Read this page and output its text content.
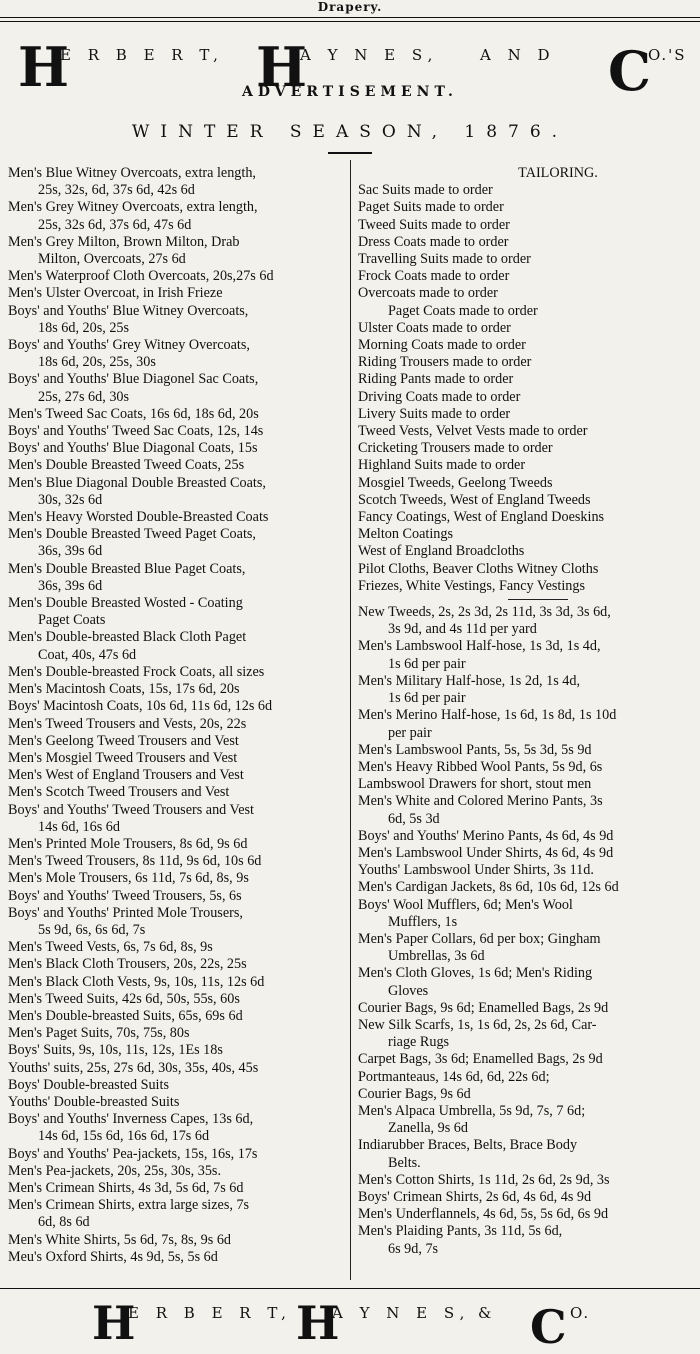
Drapery.
H
E R B E R T, H
A Y N E S,	A N D C
O.'S
ADVERTISEMENT.
WINTER SEASON, 1876.
Men's Blue Witney Overcoats, extra length,
25s, 32s, 6d, 37s 6d, 42s 6d
Men's Grey Witney Overcoats, extra length,
25s, 32s 6d, 37s 6d, 47s 6d
Men's Grey Milton, Brown Milton, Drab
Milton, Overcoats, 27s 6d
Men's Waterproof Cloth Overcoats, 20s,27s 6d
Men's Ulster Overcoat, in Irish Frieze
Boys' and Youths' Blue Witney Overcoats,
18s 6d, 20s, 25s
Boys' and Youths' Grey Witney Overcoats,
18s 6d, 20s, 25s, 30s
Boys' and Youths' Blue Diagonel Sac Coats,
25s, 27s 6d, 30s
Men's Tweed Sac Coats, 16s 6d, 18s 6d, 20s
Boys' and Youths' Tweed Sac Coats, 12s, 14s
Boys' and Youths' Blue Diagonal Coats, 15s
Men's Double Breasted Tweed Coats, 25s
Men's Blue Diagonal Double Breasted Coats,
30s, 32s 6d
Men's Heavy Worsted Double-Breasted Coats
Men's Double Breasted Tweed Paget Coats,
36s, 39s 6d
Men's Double Breasted Blue Paget Coats,
36s, 39s 6d
Men's Double Breasted Wosted - Coating
Paget Coats
Men's Double-breasted Black Cloth Paget
Coat, 40s, 47s 6d
Men's Double-breasted Frock Coats, all sizes
Men's Macintosh Coats, 15s, 17s 6d, 20s
Boys' Macintosh Coats, 10s 6d, 11s 6d, 12s 6d
Men's Tweed Trousers and Vests, 20s, 22s
Men's Geelong Tweed Trousers and Vest
Men's Mosgiel Tweed Trousers and Vest
Men's West of England Trousers and Vest
Men's Scotch Tweed Trousers and Vest
Boys' and Youths' Tweed Trousers and Vest
14s 6d, 16s 6d
Men's Printed Mole Trousers, 8s 6d, 9s 6d
Men's Tweed Trousers, 8s 11d, 9s 6d, 10s 6d
Men's Mole Trousers, 6s 11d, 7s 6d, 8s, 9s
Boys' and Youths' Tweed Trousers, 5s, 6s
Boys' and Youths' Printed Mole Trousers,
5s 9d, 6s, 6s 6d, 7s
Men's Tweed Vests, 6s, 7s 6d, 8s, 9s
Men's Black Cloth Trousers, 20s, 22s, 25s
Men's Black Cloth Vests, 9s, 10s, 11s, 12s 6d
Men's Tweed Suits, 42s 6d, 50s, 55s, 60s
Men's Double-breasted Suits, 65s, 69s 6d
Men's Paget Suits, 70s, 75s, 80s
Boys' Suits, 9s, 10s, 11s, 12s, 1Es 18s
Youths' suits, 25s, 27s 6d, 30s, 35s, 40s, 45s
Boys' Double-breasted Suits
Youths' Double-breasted Suits
Boys' and Youths' Inverness Capes, 13s 6d,
14s 6d, 15s 6d, 16s 6d, 17s 6d
Boys' and Youths' Pea-jackets, 15s, 16s, 17s
Men's Pea-jackets, 20s, 25s, 30s, 35s.
Men's Crimean Shirts, 4s 3d, 5s 6d, 7s 6d
Men's Crimean Shirts, extra large sizes, 7s
6d, 8s 6d
Men's White Shirts, 5s 6d, 7s, 8s, 9s 6d
Meu's Oxford Shirts, 4s 9d, 5s, 5s 6d
TAILORING.
Sac Suits made to order
Paget Suits made to order
Tweed Suits made to order
Dress Coats made to order
Travelling Suits made to order
Frock Coats made to order
Overcoats made to order
Paget Coats made to order
Ulster Coats made to order
Morning Coats made to order
Riding Trousers made to order
Riding Pants made to order
Driving Coats made to order
Livery Suits made to order
Tweed Vests, Velvet Vests made to order
Cricketing Trousers made to order
Highland Suits made to order
Mosgiel Tweeds, Geelong Tweeds
Scotch Tweeds, West of England Tweeds
Fancy Coatings, West of England Doeskins
Melton Coatings
West of England Broadcloths
Pilot Cloths, Beaver Cloths Witney Cloths
Friezes, White Vestings, Fancy Vestings
New Tweeds, 2s, 2s 3d, 2s 11d, 3s 3d, 3s 6d,
3s 9d, and 4s 11d per yard
Men's Lambswool Half-hose, 1s 3d, 1s 4d,
1s 6d per pair
Men's Military Half-hose, 1s 2d, 1s 4d,
1s 6d per pair
Men's Merino Half-hose, 1s 6d, 1s 8d, 1s 10d
per pair
Men's Lambswool Pants, 5s, 5s 3d, 5s 9d
Men's Heavy Ribbed Wool Pants, 5s 9d, 6s
Lambswool Drawers for short, stout men
Men's White and Colored Merino Pants, 3s
6d, 5s 3d
Boys' and Youths' Merino Pants, 4s 6d, 4s 9d
Men's Lambswool Under Shirts, 4s 6d, 4s 9d
Youths' Lambswool Under Shirts, 3s 11d.
Men's Cardigan Jackets, 8s 6d, 10s 6d, 12s 6d
Boys' Wool Mufflers, 6d; Men's Wool
Mufflers, 1s
Men's Paper Collars, 6d per box; Gingham
Umbrellas, 3s 6d
Men's Cloth Gloves, 1s 6d; Men's Riding
Gloves
Courier Bags, 9s 6d; Enamelled Bags, 2s 9d
New Silk Scarfs, 1s, 1s 6d, 2s, 2s 6d, Car-
riage Rugs
Carpet Bags, 3s 6d; Enamelled Bags, 2s 9d
Portmanteaus, 14s 6d, 6d, 22s 6d;
Courier Bags, 9s 6d
Men's Alpaca Umbrella, 5s 9d, 7s, 7 6d;
Zanella, 9s 6d
Indiarubber Braces, Belts, Brace Body
Belts.
Men's Cotton Shirts, 1s 11d, 2s 6d, 2s 9d, 3s
Boys' Crimean Shirts, 2s 6d, 4s 6d, 4s 9d
Men's Underflannels, 4s 6d, 5s, 5s 6d, 6s 9d
Men's Plaiding Pants, 3s 11d, 5s 6d,
6s 9d, 7s
H
E R B E R T, H
A Y N E S, & C O.
